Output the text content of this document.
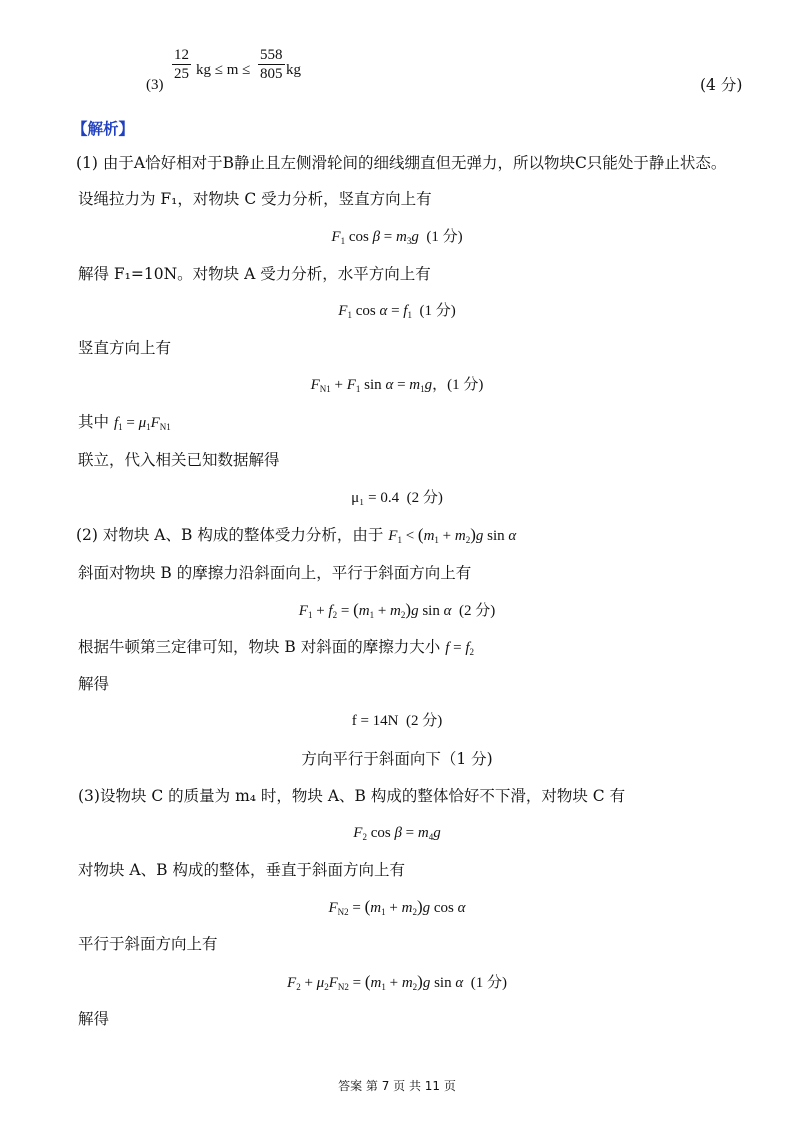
(3)
$\frac{12}{25}$ kg ≤ $m \le \frac{558}{805}$ kg
(4 分)
【解析】
(1) 由于A恰好相对于B静止且左侧滑轮间的细线绷直但无弹力，所以物块C只能处于静止状态。
设绳拉力为 F₁，对物块 C 受力分析，竖直方向上有
$F_1$ $\cos \beta = m_3g$ (1 分)
解得 F₁=10N。对物块 A 受力分析，水平方向上有
$F_1$ $\cos \alpha = f_1$ (1 分)
竖直方向上有
$F_{N1} + F_1$ $\sin \alpha = m_1g$，(1 分)
其中 $f_1 = \mu_1F_{N1}$
联立，代入相关已知数据解得
μ₁ = 0.4 (2 分)
(2) 对物块 A、B 构成的整体受力分析，由于 $F_1 < (m_1 + m_2)g$ sin α
斜面对物块 B 的摩擦力沿斜面向上，平行于斜面方向上有
$F_1 + f_2 = (m_1 + m_2)g$ sin α (2 分)
根据牛顿第三定律可知，物块 B 对斜面的摩擦力大小 $f = f_2$
解得
f = 14N (2 分)
方向平行于斜面向下（1 分)
(3)设物块 C 的质量为 m₄ 时，物块 A、B 构成的整体恰好不下滑，对物块 C 有
$F_2$ $\cos \beta = m_4g$
对物块 A、B 构成的整体，垂直于斜面方向上有
$F_{N2} = (m_1 + m_2)g$ cos α
平行于斜面方向上有
$F_2 + \mu_2F_{N2} = (m_1 + m_2)g$ sin α (1 分)
解得
答案 第 7 页 共 11 页
